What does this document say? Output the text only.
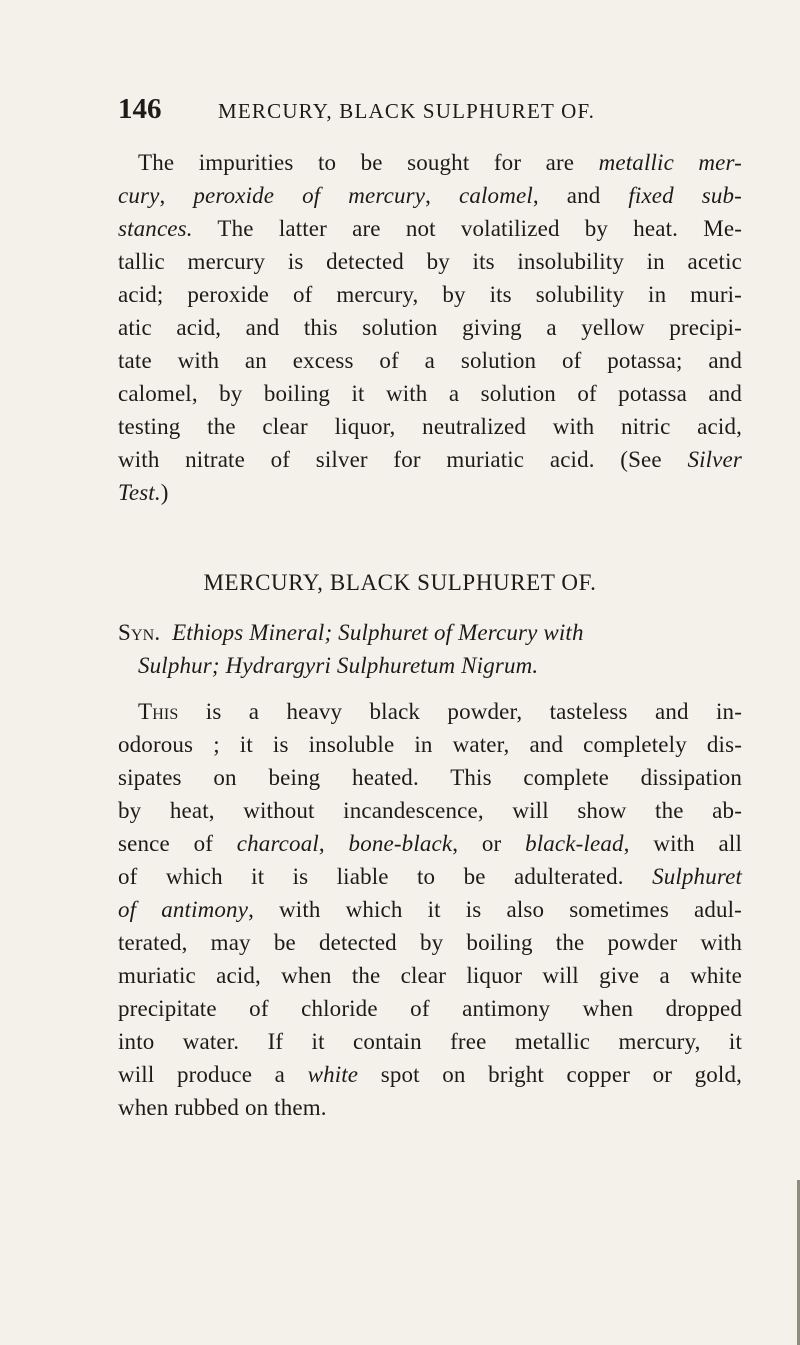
146	MERCURY, BLACK SULPHURET OF.
The impurities to be sought for are metallic mer-
cury, peroxide of mercury, calomel, and fixed sub-
stances. The latter are not volatilized by heat. Me-
tallic mercury is detected by its insolubility in acetic
acid; peroxide of mercury, by its solubility in muri-
atic acid, and this solution giving a yellow precipi-
tate with an excess of a solution of potassa; and
calomel, by boiling it with a solution of potassa and
testing the clear liquor, neutralized with nitric acid,
with nitrate of silver for muriatic acid. (See Silver
Test.)
MERCURY, BLACK SULPHURET OF.
Syn. Ethiops Mineral; Sulphuret of Mercury with
Sulphur; Hydrargyri Sulphuretum Nigrum.
This is a heavy black powder, tasteless and in-
odorous ; it is insoluble in water, and completely dis-
sipates on being heated. This complete dissipation
by heat, without incandescence, will show the ab-
sence of charcoal, bone-black, or black-lead, with all
of which it is liable to be adulterated. Sulphuret
of antimony, with which it is also sometimes adul-
terated, may be detected by boiling the powder with
muriatic acid, when the clear liquor will give a white
precipitate of chloride of antimony when dropped
into water. If it contain free metallic mercury, it
will produce a white spot on bright copper or gold,
when rubbed on them.
